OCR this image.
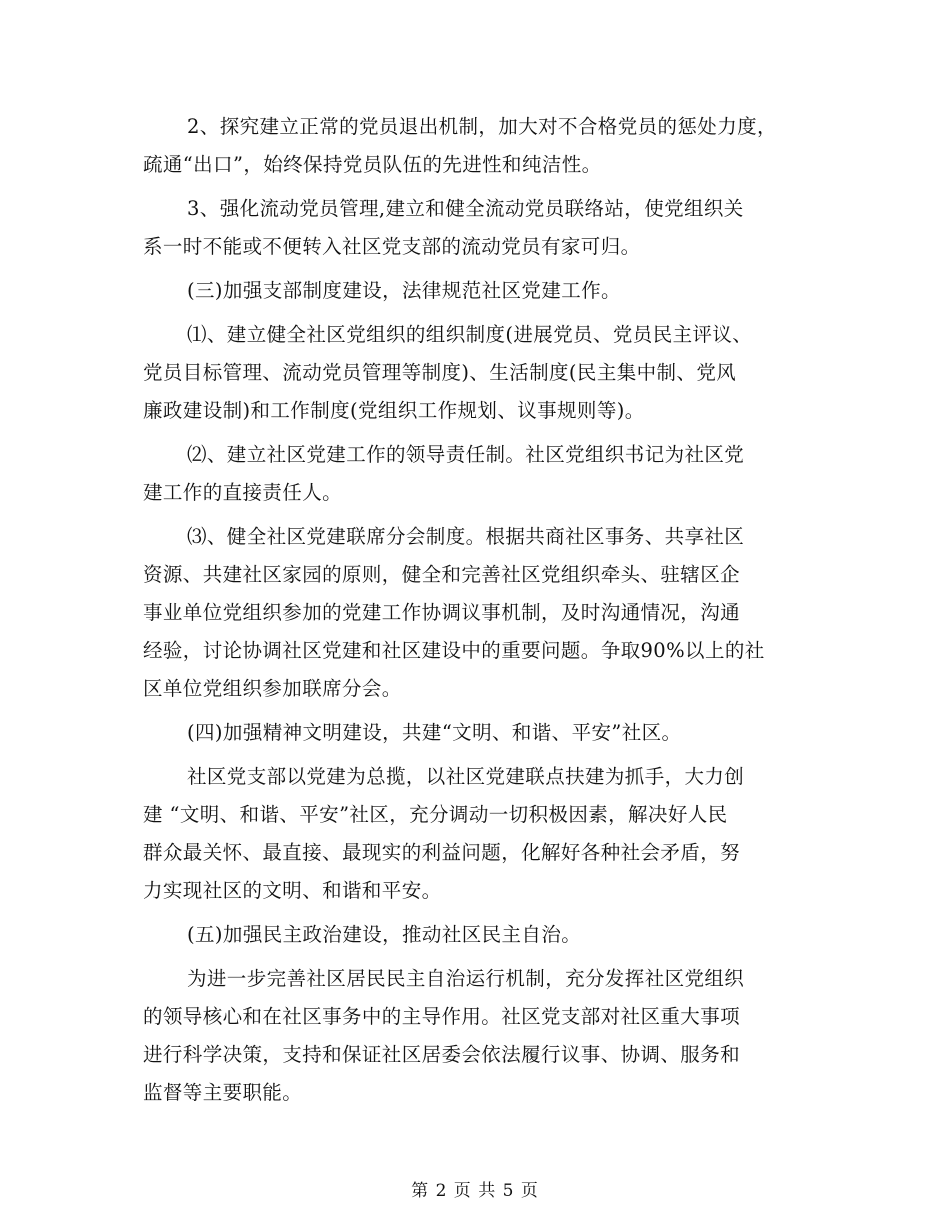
2、探究建立正常的党员退出机制，加大对不合格党员的惩处力度，
疏通“出口”，始终保持党员队伍的先进性和纯洁性。

3、强化流动党员管理,建立和健全流动党员联络站，使党组织关
系一时不能或不便转入社区党支部的流动党员有家可归。

(三)加强支部制度建设，法律规范社区党建工作。

⑴、建立健全社区党组织的组织制度(进展党员、党员民主评议、
党员目标管理、流动党员管理等制度)、生活制度(民主集中制、党风
廉政建设制)和工作制度(党组织工作规划、议事规则等)。

⑵、建立社区党建工作的领导责任制。社区党组织书记为社区党
建工作的直接责任人。

⑶、健全社区党建联席分会制度。根据共商社区事务、共享社区
资源、共建社区家园的原则，健全和完善社区党组织牵头、驻辖区企
事业单位党组织参加的党建工作协调议事机制，及时沟通情况，沟通
经验，讨论协调社区党建和社区建设中的重要问题。争取90%以上的社
区单位党组织参加联席分会。

(四)加强精神文明建设，共建“文明、和谐、平安”社区。

社区党支部以党建为总揽，以社区党建联点扶建为抓手，大力创
建 “文明、和谐、平安”社区，充分调动一切积极因素，解决好人民
群众最关怀、最直接、最现实的利益问题，化解好各种社会矛盾，努
力实现社区的文明、和谐和平安。

(五)加强民主政治建设，推动社区民主自治。

为进一步完善社区居民民主自治运行机制，充分发挥社区党组织
的领导核心和在社区事务中的主导作用。社区党支部对社区重大事项
进行科学决策，支持和保证社区居委会依法履行议事、协调、服务和
监督等主要职能。

第 2 页 共 5 页
